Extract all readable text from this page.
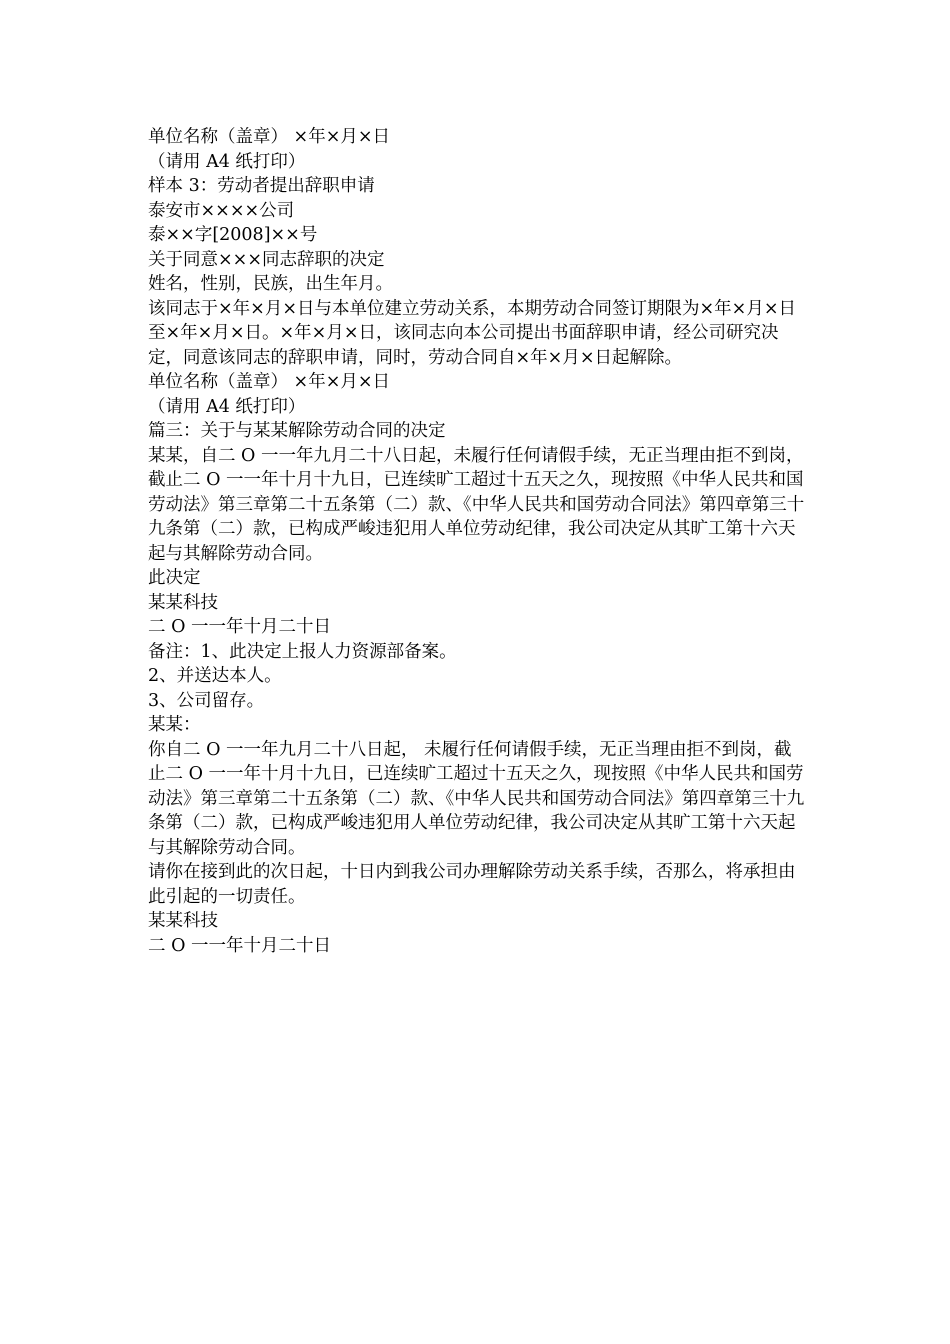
单位名称（盖章） ×年×月×日

（请用 A4 纸打印）

样本 3：劳动者提出辞职申请

泰安市××××公司

泰××字[2008]××号

关于同意×××同志辞职的决定

姓名，性别，民族，出生年月。

该同志于×年×月×日与本单位建立劳动关系，本期劳动合同签订期限为×年×月×日至×年×月×日。×年×月×日，该同志向本公司提出书面辞职申请，经公司研究决定，同意该同志的辞职申请，同时，劳动合同自×年×月×日起解除。

单位名称（盖章） ×年×月×日

（请用 A4 纸打印）

篇三：关于与某某解除劳动合同的决定

某某，自二 O 一一年九月二十八日起，未履行任何请假手续，无正当理由拒不到岗，截止二 O 一一年十月十九日，已连续旷工超过十五天之久，现按照《中华人民共和国劳动法》第三章第二十五条第（二）款、《中华人民共和国劳动合同法》第四章第三十九条第（二）款，已构成严峻违犯用人单位劳动纪律，我公司决定从其旷工第十六天起与其解除劳动合同。

此决定

某某科技

二 O 一一年十月二十日

备注：1、此决定上报人力资源部备案。

2、并送达本人。

3、公司留存。

某某：

你自二 O 一一年九月二十八日起， 未履行任何请假手续，无正当理由拒不到岗，截止二 O 一一年十月十九日，已连续旷工超过十五天之久，现按照《中华人民共和国劳动法》第三章第二十五条第（二）款、《中华人民共和国劳动合同法》第四章第三十九条第（二）款，已构成严峻违犯用人单位劳动纪律，我公司决定从其旷工第十六天起与其解除劳动合同。

请你在接到此的次日起，十日内到我公司办理解除劳动关系手续，否那么，将承担由此引起的一切责任。

某某科技

二 O 一一年十月二十日
